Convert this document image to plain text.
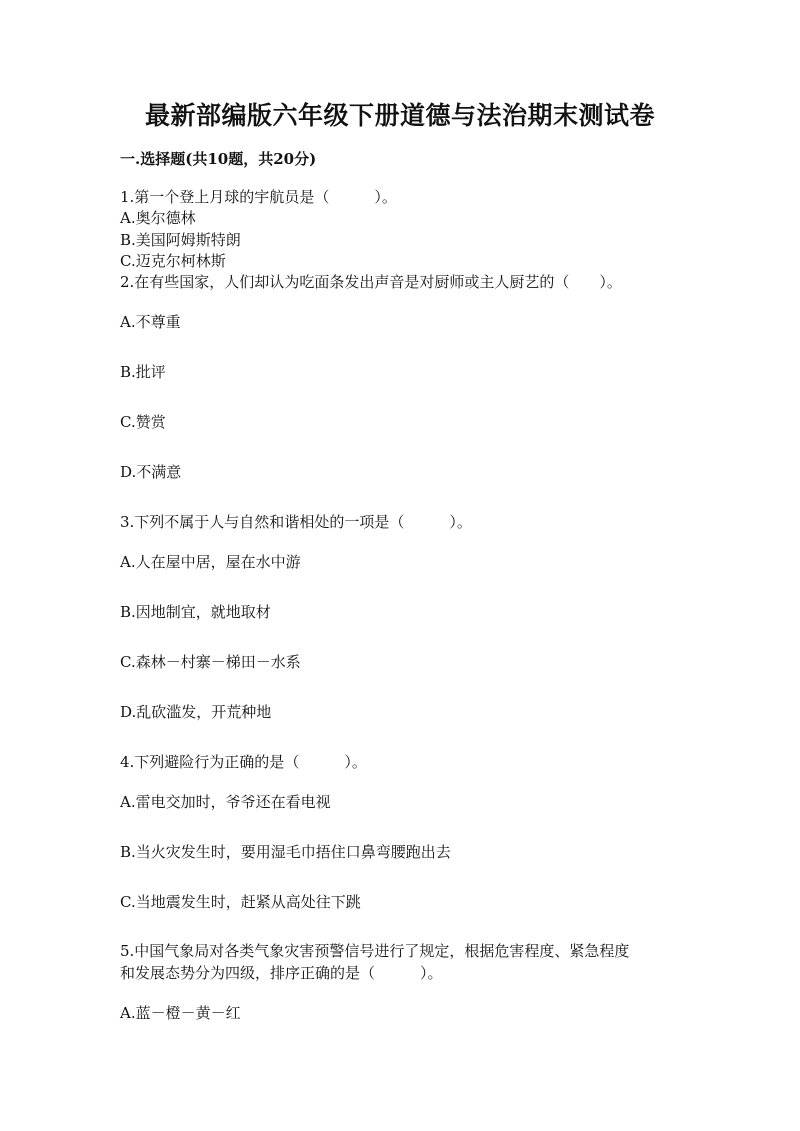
最新部编版六年级下册道德与法治期末测试卷
一.选择题(共10题，共20分)
1.第一个登上月球的宇航员是（　　　）。
A.奥尔德林
B.美国阿姆斯特朗
C.迈克尔柯林斯
2.在有些国家，人们却认为吃面条发出声音是对厨师或主人厨艺的（　　）。
A.不尊重
B.批评
C.赞赏
D.不满意
3.下列不属于人与自然和谐相处的一项是（　　　）。
A.人在屋中居，屋在水中游
B.因地制宜，就地取材
C.森林－村寨－梯田－水系
D.乱砍滥发，开荒种地
4.下列避险行为正确的是（　　　）。
A.雷电交加时，爷爷还在看电视
B.当火灾发生时，要用湿毛巾捂住口鼻弯腰跑出去
C.当地震发生时，赶紧从高处往下跳
5.中国气象局对各类气象灾害预警信号进行了规定，根据危害程度、紧急程度
和发展态势分为四级，排序正确的是（　　　）。
A.蓝－橙－黄－红
